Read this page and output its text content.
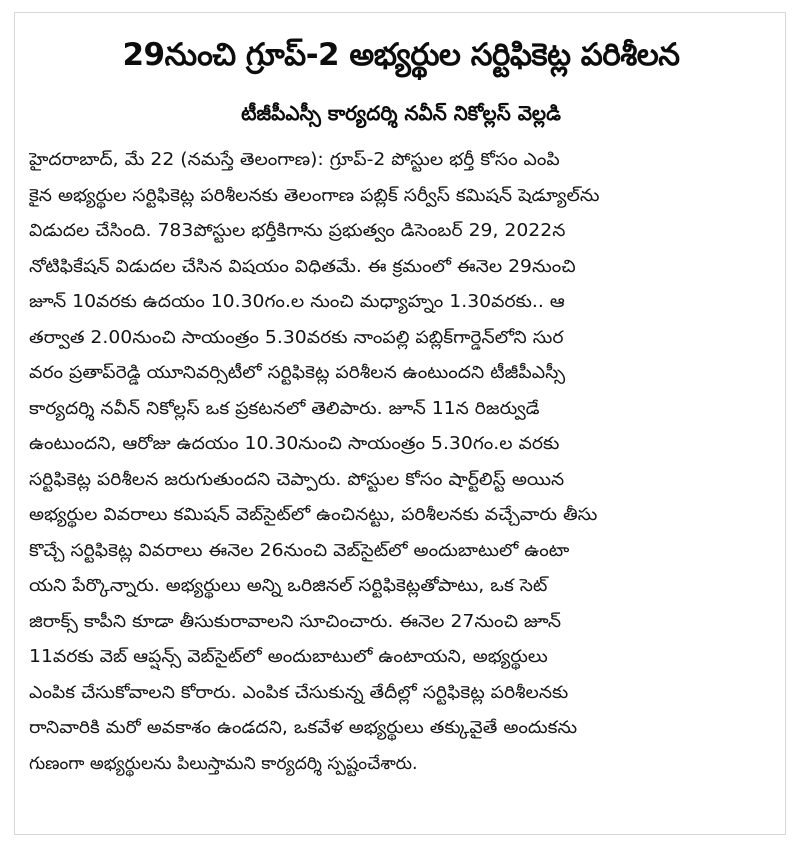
29నుంచి గ్రూప్-2 అభ్యర్థుల సర్టిఫికెట్ల పరిశీలన
టీజీపీఎస్సీ కార్యదర్శి నవీన్ నికోల్లస్ వెల్లడి
హైదరాబాద్, మే 22 (నమస్తే తెలంగాణ): గ్రూప్-2 పోస్టుల భర్తీ కోసం ఎంపి
కైన అభ్యర్థుల సర్టిఫికెట్ల పరిశీలనకు తెలంగాణ పబ్లిక్ సర్వీస్ కమిషన్ షెడ్యూల్‌ను
విడుదల చేసింది. 783పోస్టుల భర్తీకిగాను ప్రభుత్వం డిసెంబర్ 29, 2022న
నోటిఫికేషన్ విడుదల చేసిన విషయం విధితమే. ఈ క్రమంలో ఈనెల 29నుంచి
జూన్ 10వరకు ఉదయం 10.30గం.ల నుంచి మధ్యాహ్నం 1.30వరకు.. ఆ
తర్వాత 2.00నుంచి సాయంత్రం 5.30వరకు నాంపల్లి పబ్లిక్‌గార్డెన్‌లోని సుర
వరం ప్రతాప్‌రెడ్డి యూనివర్సిటీలో సర్టిఫికెట్ల పరిశీలన ఉంటుందని టీజీపీఎస్సీ
కార్యదర్శి నవీన్ నికోల్లస్ ఒక ప్రకటనలో తెలిపారు. జూన్ 11న రిజర్వుడే
ఉంటుందని, ఆరోజు ఉదయం 10.30నుంచి సాయంత్రం 5.30గం.ల వరకు
సర్టిఫికెట్ల పరిశీలన జరుగుతుందని చెప్పారు. పోస్టుల కోసం షార్ట్‌లిస్ట్ అయిన
అభ్యర్థుల వివరాలు కమిషన్ వెబ్‌సైట్‌లో ఉంచినట్టు, పరిశీలనకు వచ్చేవారు తీసు
కొచ్చే సర్టిఫికెట్ల వివరాలు ఈనెల 26నుంచి వెబ్‌సైట్‌లో అందుబాటులో ఉంటా
యని పేర్కొన్నారు. అభ్యర్థులు అన్ని ఒరిజినల్ సర్టిఫికెట్లతోపాటు, ఒక సెట్
జిరాక్స్ కాపీని కూడా తీసుకురావాలని సూచించారు. ఈనెల 27నుంచి జూన్
11వరకు వెబ్ ఆప్షన్స్ వెబ్‌సైట్‌లో అందుబాటులో ఉంటాయని, అభ్యర్థులు
ఎంపిక చేసుకోవాలని కోరారు. ఎంపిక చేసుకున్న తేదీల్లో సర్టిఫికెట్ల పరిశీలనకు
రానివారికి మరో అవకాశం ఉండదని, ఒకవేళ అభ్యర్థులు తక్కువైతే అందుకను
గుణంగా అభ్యర్థులను పిలుస్తామని కార్యదర్శి స్పష్టంచేశారు.
